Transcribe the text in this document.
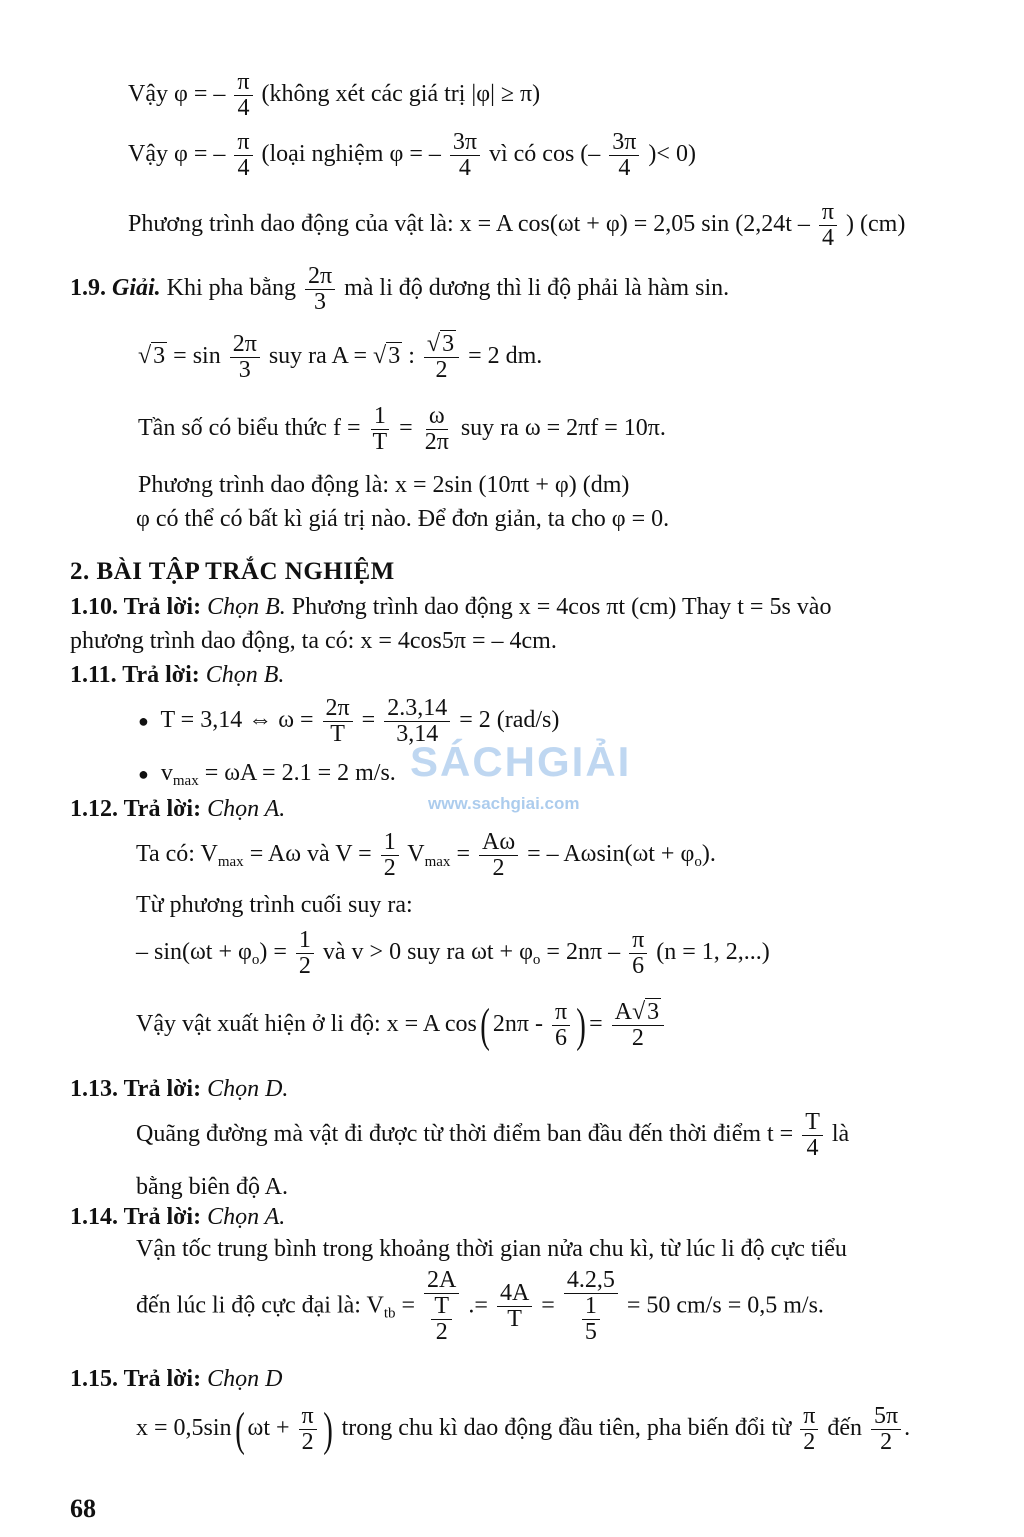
Vậy φ = – $\frac{\pi}{4}$ (không xét các giá trị |φ| ≥ π)
Vậy φ = – $\frac{\pi}{4}$ (loại nghiệm φ = – $\frac{3\pi}{4}$ vì có cos (– $\frac{3\pi}{4}$ )< 0)
Phương trình dao động của vật là: x = A cos(ωt + φ) = 2,05 $\sin (2,24t - \frac{\pi}{4}$ ) (cm)
1.9. Giải. Khi pha bằng $\frac{2\pi}{3}$ mà li độ dương thì li độ phải là hàm sin.
$√3 = \sin \frac{2\pi}{3}$ suy ra A = √3 : $\frac{√3}{2} = 2$ dm.
Tần số có biểu thức $f = \frac{1}{T} = \frac{\omega}{2\pi}$ suy ra ω = 2πf = 10π.
Phương trình dao động là: x = 2sin (10πt + φ) (dm)
φ có thể có bất kì giá trị nào. Để đơn giản, ta cho φ = 0.
2. BÀI TẬP TRẮC NGHIỆM
1.10. Trả lời: Chọn B. Phương trình dao động x = 4cos πt (cm) Thay t = 5s vào
phương trình dao động, ta có: x = 4cos5π = – 4cm.
1.11. Trả lời: Chọn B.
● T = 3,14 ⇔ $\omega = \frac{2\pi}{T} = \frac{2.3,14}{3,14} = 2$ (rad/s)
● $v_{max} = \omega A = 2.1 = 2$ m/s. SÁCHGIẢI
www.sachgiai.com
1.12. Trả lời: Chọn A.
Ta có: $V_{max} = A\omega$ và $V = \frac{1}{2} V_{max} = \frac{A\omega}{2}$ = – $A\omega\sin(\omega t + \varphi_o)$.
Từ phương trình cuối suy ra:
– $\sin(\omega t + \varphi_o) = \frac{1}{2}$ và v > 0 suy ra $\omega t + \varphi_o = 2n\pi - \frac{\pi}{6} (n = 1$, 2,...)
Vậy vật xuất hiện ở li độ: x = A cos( $2n\pi - \frac{\pi}{6}$ ) = $\frac{A√3}{2}$
1.13. Trả lời: Chọn D.
Quãng đường mà vật đi được từ thời điểm ban đầu đến thời điểm $t = \frac{T}{4}$ là
bằng biên độ A.
1.14. Trả lời: Chọn A.
Vận tốc trung bình trong khoảng thời gian nửa chu kì, từ lúc li độ cực tiểu
đến lúc li độ cực đại là: $V_{tb} = \frac{2A}{\frac{T}{2}}$ .= $\frac{4A}{T} = \frac{4.2,5}{\frac{1}{5}} = 50$ cm/s = 0,5 m/s.
1.15. Trả lời: Chọn D
x = 0,5sin( $\omega t + \frac{\pi}{2}$ ) trong chu kì dao động đầu tiên, pha biến đổi từ $\frac{\pi}{2}$ đến $\frac{5\pi}{2}$ .
68
